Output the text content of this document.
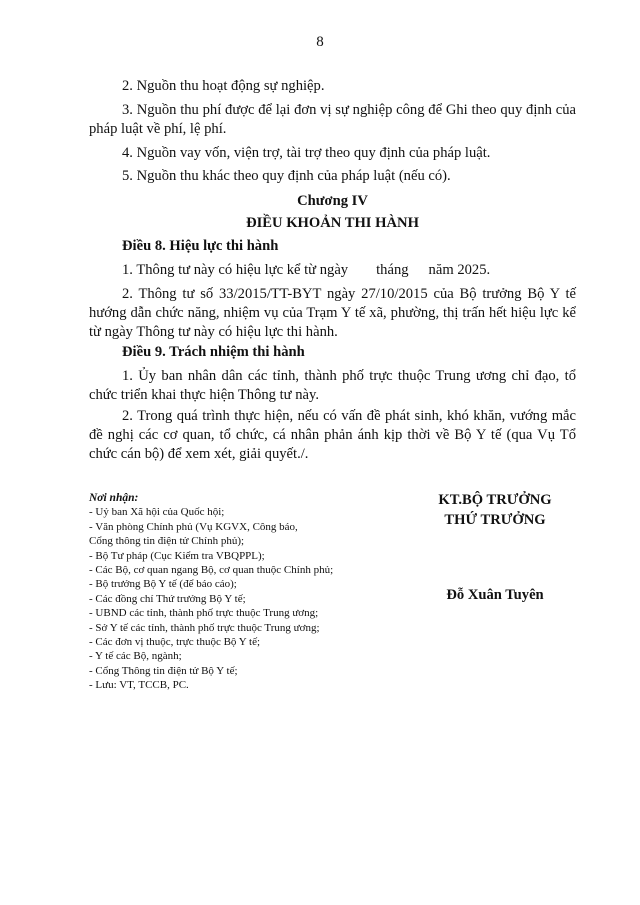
8

2. Nguồn thu hoạt động sự nghiệp.

3. Nguồn thu phí được để lại đơn vị sự nghiệp công để Ghi theo quy định của pháp luật về phí, lệ phí.

4. Nguồn vay vốn, viện trợ, tài trợ theo quy định của pháp luật.

5. Nguồn thu khác theo quy định của pháp luật (nếu có).

Chương IV
ĐIỀU KHOẢN THI HÀNH
Điều 8. Hiệu lực thi hành

1. Thông tư này có hiệu lực kể từ ngày tháng năm 2025.

2. Thông tư số 33/2015/TT-BYT ngày 27/10/2015 của Bộ trưởng Bộ Y tế hướng dẫn chức năng, nhiệm vụ của Trạm Y tế xã, phường, thị trấn hết hiệu lực kể từ ngày Thông tư này có hiệu lực thi hành.

Điều 9. Trách nhiệm thi hành

1. Ủy ban nhân dân các tỉnh, thành phố trực thuộc Trung ương chỉ đạo, tổ chức triển khai thực hiện Thông tư này.

2. Trong quá trình thực hiện, nếu có vấn đề phát sinh, khó khăn, vướng mắc đề nghị các cơ quan, tổ chức, cá nhân phản ánh kịp thời về Bộ Y tế (qua Vụ Tổ chức cán bộ) để xem xét, giải quyết./.

Nơi nhận:
- Uỷ ban Xã hội của Quốc hội;
- Văn phòng Chính phủ (Vụ KGVX, Công báo,
Cổng thông tin điện tử Chính phủ);
- Bộ Tư pháp (Cục Kiểm tra VBQPPL);
- Các Bộ, cơ quan ngang Bộ, cơ quan thuộc Chính phủ;
- Bộ trưởng Bộ Y tế (để báo cáo);
- Các đồng chí Thứ trưởng Bộ Y tế;
- UBND các tỉnh, thành phố trực thuộc Trung ương;
- Sở Y tế các tỉnh, thành phố trực thuộc Trung ương;
- Các đơn vị thuộc, trực thuộc Bộ Y tế;
- Y tế các Bộ, ngành;
- Cổng Thông tin điện tử Bộ Y tế;
- Lưu: VT, TCCB, PC.
KT.BỘ TRƯỞNG
THỨ TRƯỞNG
Đỗ Xuân Tuyên
